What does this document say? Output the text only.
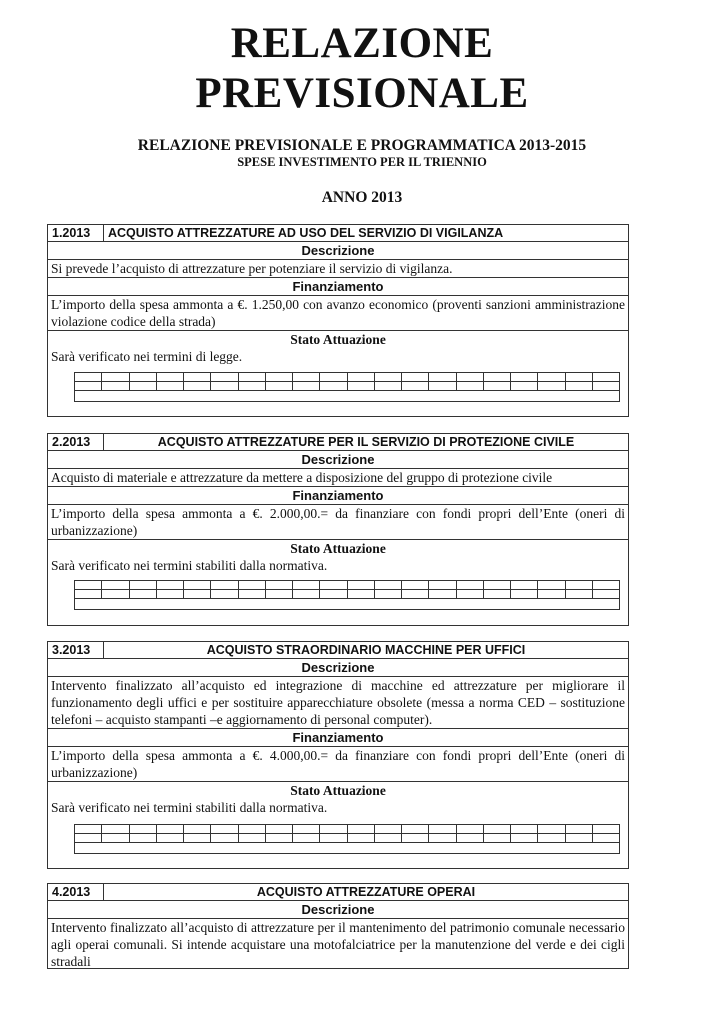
RELAZIONE
PREVISIONALE
RELAZIONE PREVISIONALE E PROGRAMMATICA 2013-2015
SPESE INVESTIMENTO PER IL TRIENNIO
ANNO 2013
1.2013	ACQUISTO ATTREZZATURE AD USO DEL SERVIZIO DI VIGILANZA
Descrizione
Si prevede l’acquisto di attrezzature per potenziare il servizio di vigilanza.
Finanziamento
L’importo della spesa ammonta a €. 1.250,00 con avanzo economico (proventi sanzioni amministrazione violazione codice della strada)
Stato Attuazione
Sarà verificato nei termini di legge.
2.2013	ACQUISTO ATTREZZATURE PER IL SERVIZIO DI PROTEZIONE CIVILE
Descrizione
Acquisto di materiale e attrezzature da mettere a disposizione del gruppo di protezione civile
Finanziamento
L’importo della spesa ammonta a €. 2.000,00.= da finanziare con fondi propri dell’Ente (oneri di urbanizzazione)
Stato Attuazione
Sarà verificato nei termini stabiliti dalla normativa.
3.2013	ACQUISTO STRAORDINARIO MACCHINE PER UFFICI
Descrizione
Intervento finalizzato all’acquisto ed integrazione di macchine ed attrezzature per migliorare il funzionamento degli uffici e per sostituire apparecchiature obsolete (messa a norma CED – sostituzione telefoni – acquisto stampanti –e aggiornamento di personal computer).
Finanziamento
L’importo della spesa ammonta a €. 4.000,00.= da finanziare con fondi propri dell’Ente (oneri di urbanizzazione)
Stato Attuazione
Sarà verificato nei termini stabiliti dalla normativa.
4.2013	ACQUISTO ATTREZZATURE OPERAI
Descrizione
Intervento finalizzato all’acquisto di attrezzature per il mantenimento del patrimonio comunale necessario agli operai comunali. Si intende acquistare una motofalciatrice per la manutenzione del verde e dei cigli stradali
